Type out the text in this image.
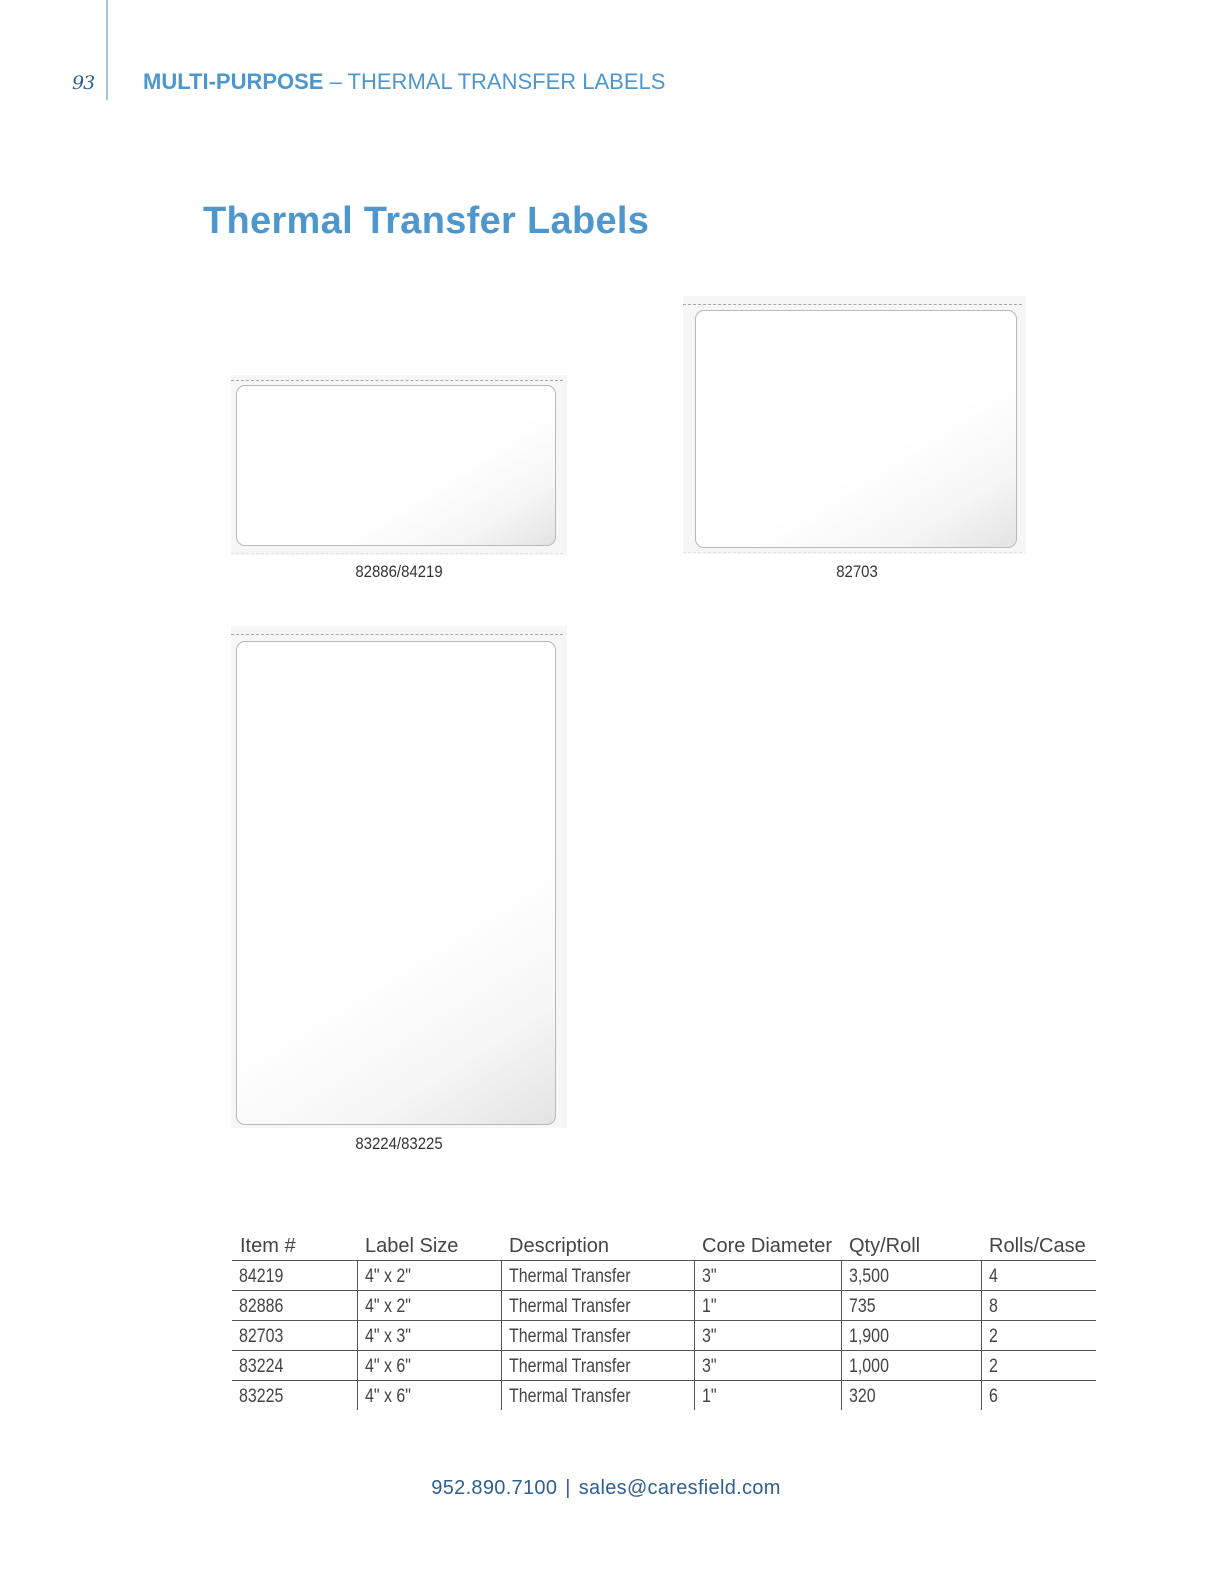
93 MULTI-PURPOSE – THERMAL TRANSFER LABELS
Thermal Transfer Labels
82886/84219	82703
83224/83225
Item #	Label Size	Description	Core Diameter	Qty/Roll	Rolls/Case
84219	4" x 2"	Thermal Transfer	3"	3,500	4
82886	4" x 2"	Thermal Transfer	1"	735	8
82703	4" x 3"	Thermal Transfer	3"	1,900	2
83224	4" x 6"	Thermal Transfer	3"	1,000	2
83225	4" x 6"	Thermal Transfer	1"	320	6
952.890.7100 | sales@caresfield.com
